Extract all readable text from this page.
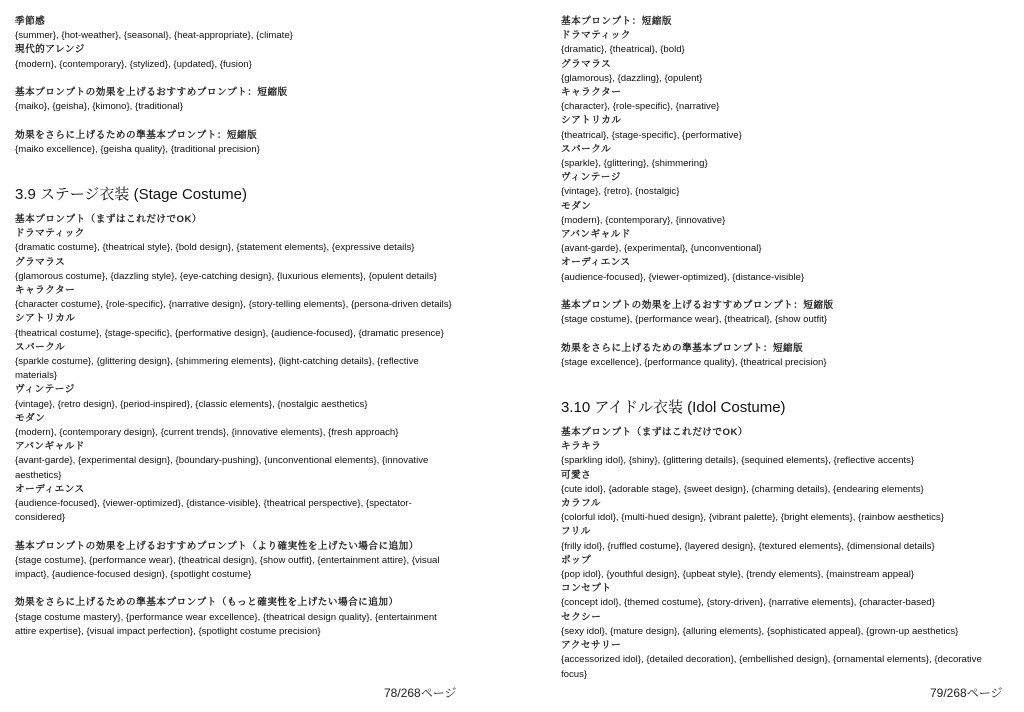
季節感
{summer}, {hot-weather}, {seasonal}, {heat-appropriate}, {climate}
現代的アレンジ
{modern}, {contemporary}, {stylized}, {updated}, {fusion}
基本プロンプトの効果を上げるおすすめプロンプト：短縮版
{maiko}, {geisha}, {kimono}, {traditional}
効果をさらに上げるための準基本プロンプト：短縮版
{maiko excellence}, {geisha quality}, {traditional precision}
3.9 ステージ衣装 (Stage Costume)
基本プロンプト（まずはこれだけでOK）
ドラマティック
{dramatic costume}, {theatrical style}, {bold design}, {statement elements}, {expressive details}
グラマラス
{glamorous costume}, {dazzling style}, {eye-catching design}, {luxurious elements}, {opulent details}
キャラクター
{character costume}, {role-specific}, {narrative design}, {story-telling elements}, {persona-driven details}
シアトリカル
{theatrical costume}, {stage-specific}, {performative design}, {audience-focused}, {dramatic presence}
スパークル
{sparkle costume}, {glittering design}, {shimmering elements}, {light-catching details}, {reflective materials}
ヴィンテージ
{vintage}, {retro design}, {period-inspired}, {classic elements}, {nostalgic aesthetics}
モダン
{modern}, {contemporary design}, {current trends}, {innovative elements}, {fresh approach}
アバンギャルド
{avant-garde}, {experimental design}, {boundary-pushing}, {unconventional elements}, {innovative aesthetics}
オーディエンス
{audience-focused}, {viewer-optimized}, {distance-visible}, {theatrical perspective}, {spectator-considered}
基本プロンプトの効果を上げるおすすめプロンプト（より確実性を上げたい場合に追加）
{stage costume}, {performance wear}, {theatrical design}, {show outfit}, {entertainment attire}, {visual impact}, {audience-focused design}, {spotlight costume}
効果をさらに上げるための準基本プロンプト（もっと確実性を上げたい場合に追加）
{stage costume mastery}, {performance wear excellence}, {theatrical design quality}, {entertainment attire expertise}, {visual impact perfection}, {spotlight costume precision}
基本プロンプト：短縮版
ドラマティック
{dramatic}, {theatrical}, {bold}
グラマラス
{glamorous}, {dazzling}, {opulent}
キャラクター
{character}, {role-specific}, {narrative}
シアトリカル
{theatrical}, {stage-specific}, {performative}
スパークル
{sparkle}, {glittering}, {shimmering}
ヴィンテージ
{vintage}, {retro}, {nostalgic}
モダン
{modern}, {contemporary}, {innovative}
アバンギャルド
{avant-garde}, {experimental}, {unconventional}
オーディエンス
{audience-focused}, {viewer-optimized}, {distance-visible}
基本プロンプトの効果を上げるおすすめプロンプト：短縮版
{stage costume}, {performance wear}, {theatrical}, {show outfit}
効果をさらに上げるための準基本プロンプト：短縮版
{stage excellence}, {performance quality}, {theatrical precision}
3.10 アイドル衣装 (Idol Costume)
基本プロンプト（まずはこれだけでOK）
キラキラ
{sparkling idol}, {shiny}, {glittering details}, {sequined elements}, {reflective accents}
可愛さ
{cute idol}, {adorable stage}, {sweet design}, {charming details}, {endearing elements}
カラフル
{colorful idol}, {multi-hued design}, {vibrant palette}, {bright elements}, {rainbow aesthetics}
フリル
{frilly idol}, {ruffled costume}, {layered design}, {textured elements}, {dimensional details}
ポップ
{pop idol}, {youthful design}, {upbeat style}, {trendy elements}, {mainstream appeal}
コンセプト
{concept idol}, {themed costume}, {story-driven}, {narrative elements}, {character-based}
セクシー
{sexy idol}, {mature design}, {alluring elements}, {sophisticated appeal}, {grown-up aesthetics}
アクセサリー
{accessorized idol}, {detailed decoration}, {embellished design}, {ornamental elements}, {decorative focus}
78/268ページ	79/268ページ
